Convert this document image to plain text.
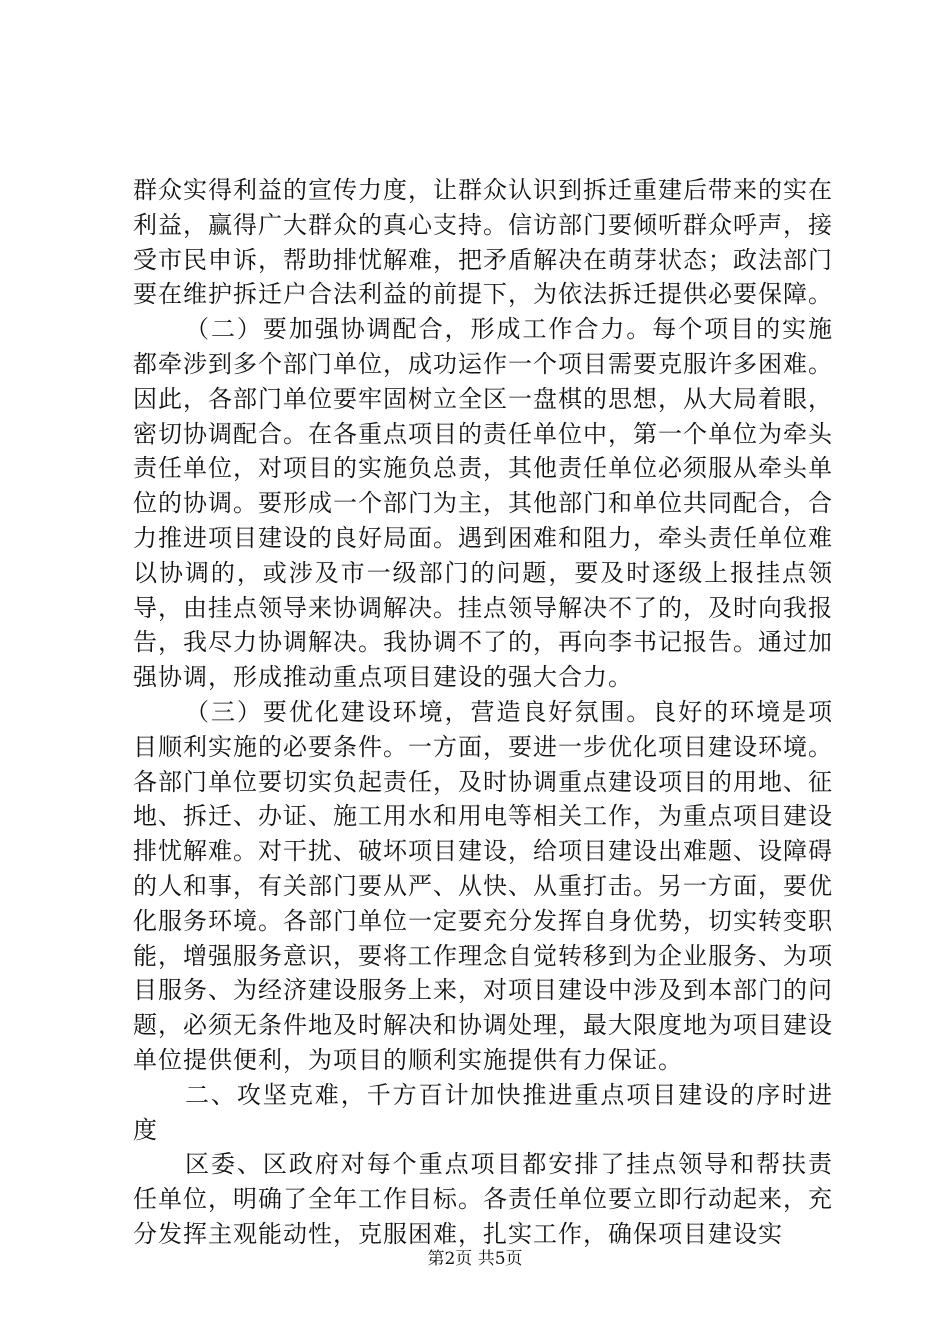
群众实得利益的宣传力度，让群众认识到拆迁重建后带来的实在利益，赢得广大群众的真心支持。信访部门要倾听群众呼声，接受市民申诉，帮助排忧解难，把矛盾解决在萌芽状态；政法部门要在维护拆迁户合法利益的前提下，为依法拆迁提供必要保障。

（二）要加强协调配合，形成工作合力。每个项目的实施都牵涉到多个部门单位，成功运作一个项目需要克服许多困难。因此，各部门单位要牢固树立全区一盘棋的思想，从大局着眼，密切协调配合。在各重点项目的责任单位中，第一个单位为牵头责任单位，对项目的实施负总责，其他责任单位必须服从牵头单位的协调。要形成一个部门为主，其他部门和单位共同配合，合力推进项目建设的良好局面。遇到困难和阻力，牵头责任单位难以协调的，或涉及市一级部门的问题，要及时逐级上报挂点领导，由挂点领导来协调解决。挂点领导解决不了的，及时向我报告，我尽力协调解决。我协调不了的，再向李书记报告。通过加强协调，形成推动重点项目建设的强大合力。

（三）要优化建设环境，营造良好氛围。良好的环境是项目顺利实施的必要条件。一方面，要进一步优化项目建设环境。各部门单位要切实负起责任，及时协调重点建设项目的用地、征地、拆迁、办证、施工用水和用电等相关工作，为重点项目建设排忧解难。对干扰、破坏项目建设，给项目建设出难题、设障碍的人和事，有关部门要从严、从快、从重打击。另一方面，要优化服务环境。各部门单位一定要充分发挥自身优势，切实转变职能，增强服务意识，要将工作理念自觉转移到为企业服务、为项目服务、为经济建设服务上来，对项目建设中涉及到本部门的问题，必须无条件地及时解决和协调处理，最大限度地为项目建设单位提供便利，为项目的顺利实施提供有力保证。

二、攻坚克难，千方百计加快推进重点项目建设的序时进度

区委、区政府对每个重点项目都安排了挂点领导和帮扶责任单位，明确了全年工作目标。各责任单位要立即行动起来，充分发挥主观能动性，克服困难，扎实工作，确保项目建设实

第2页 共5页
